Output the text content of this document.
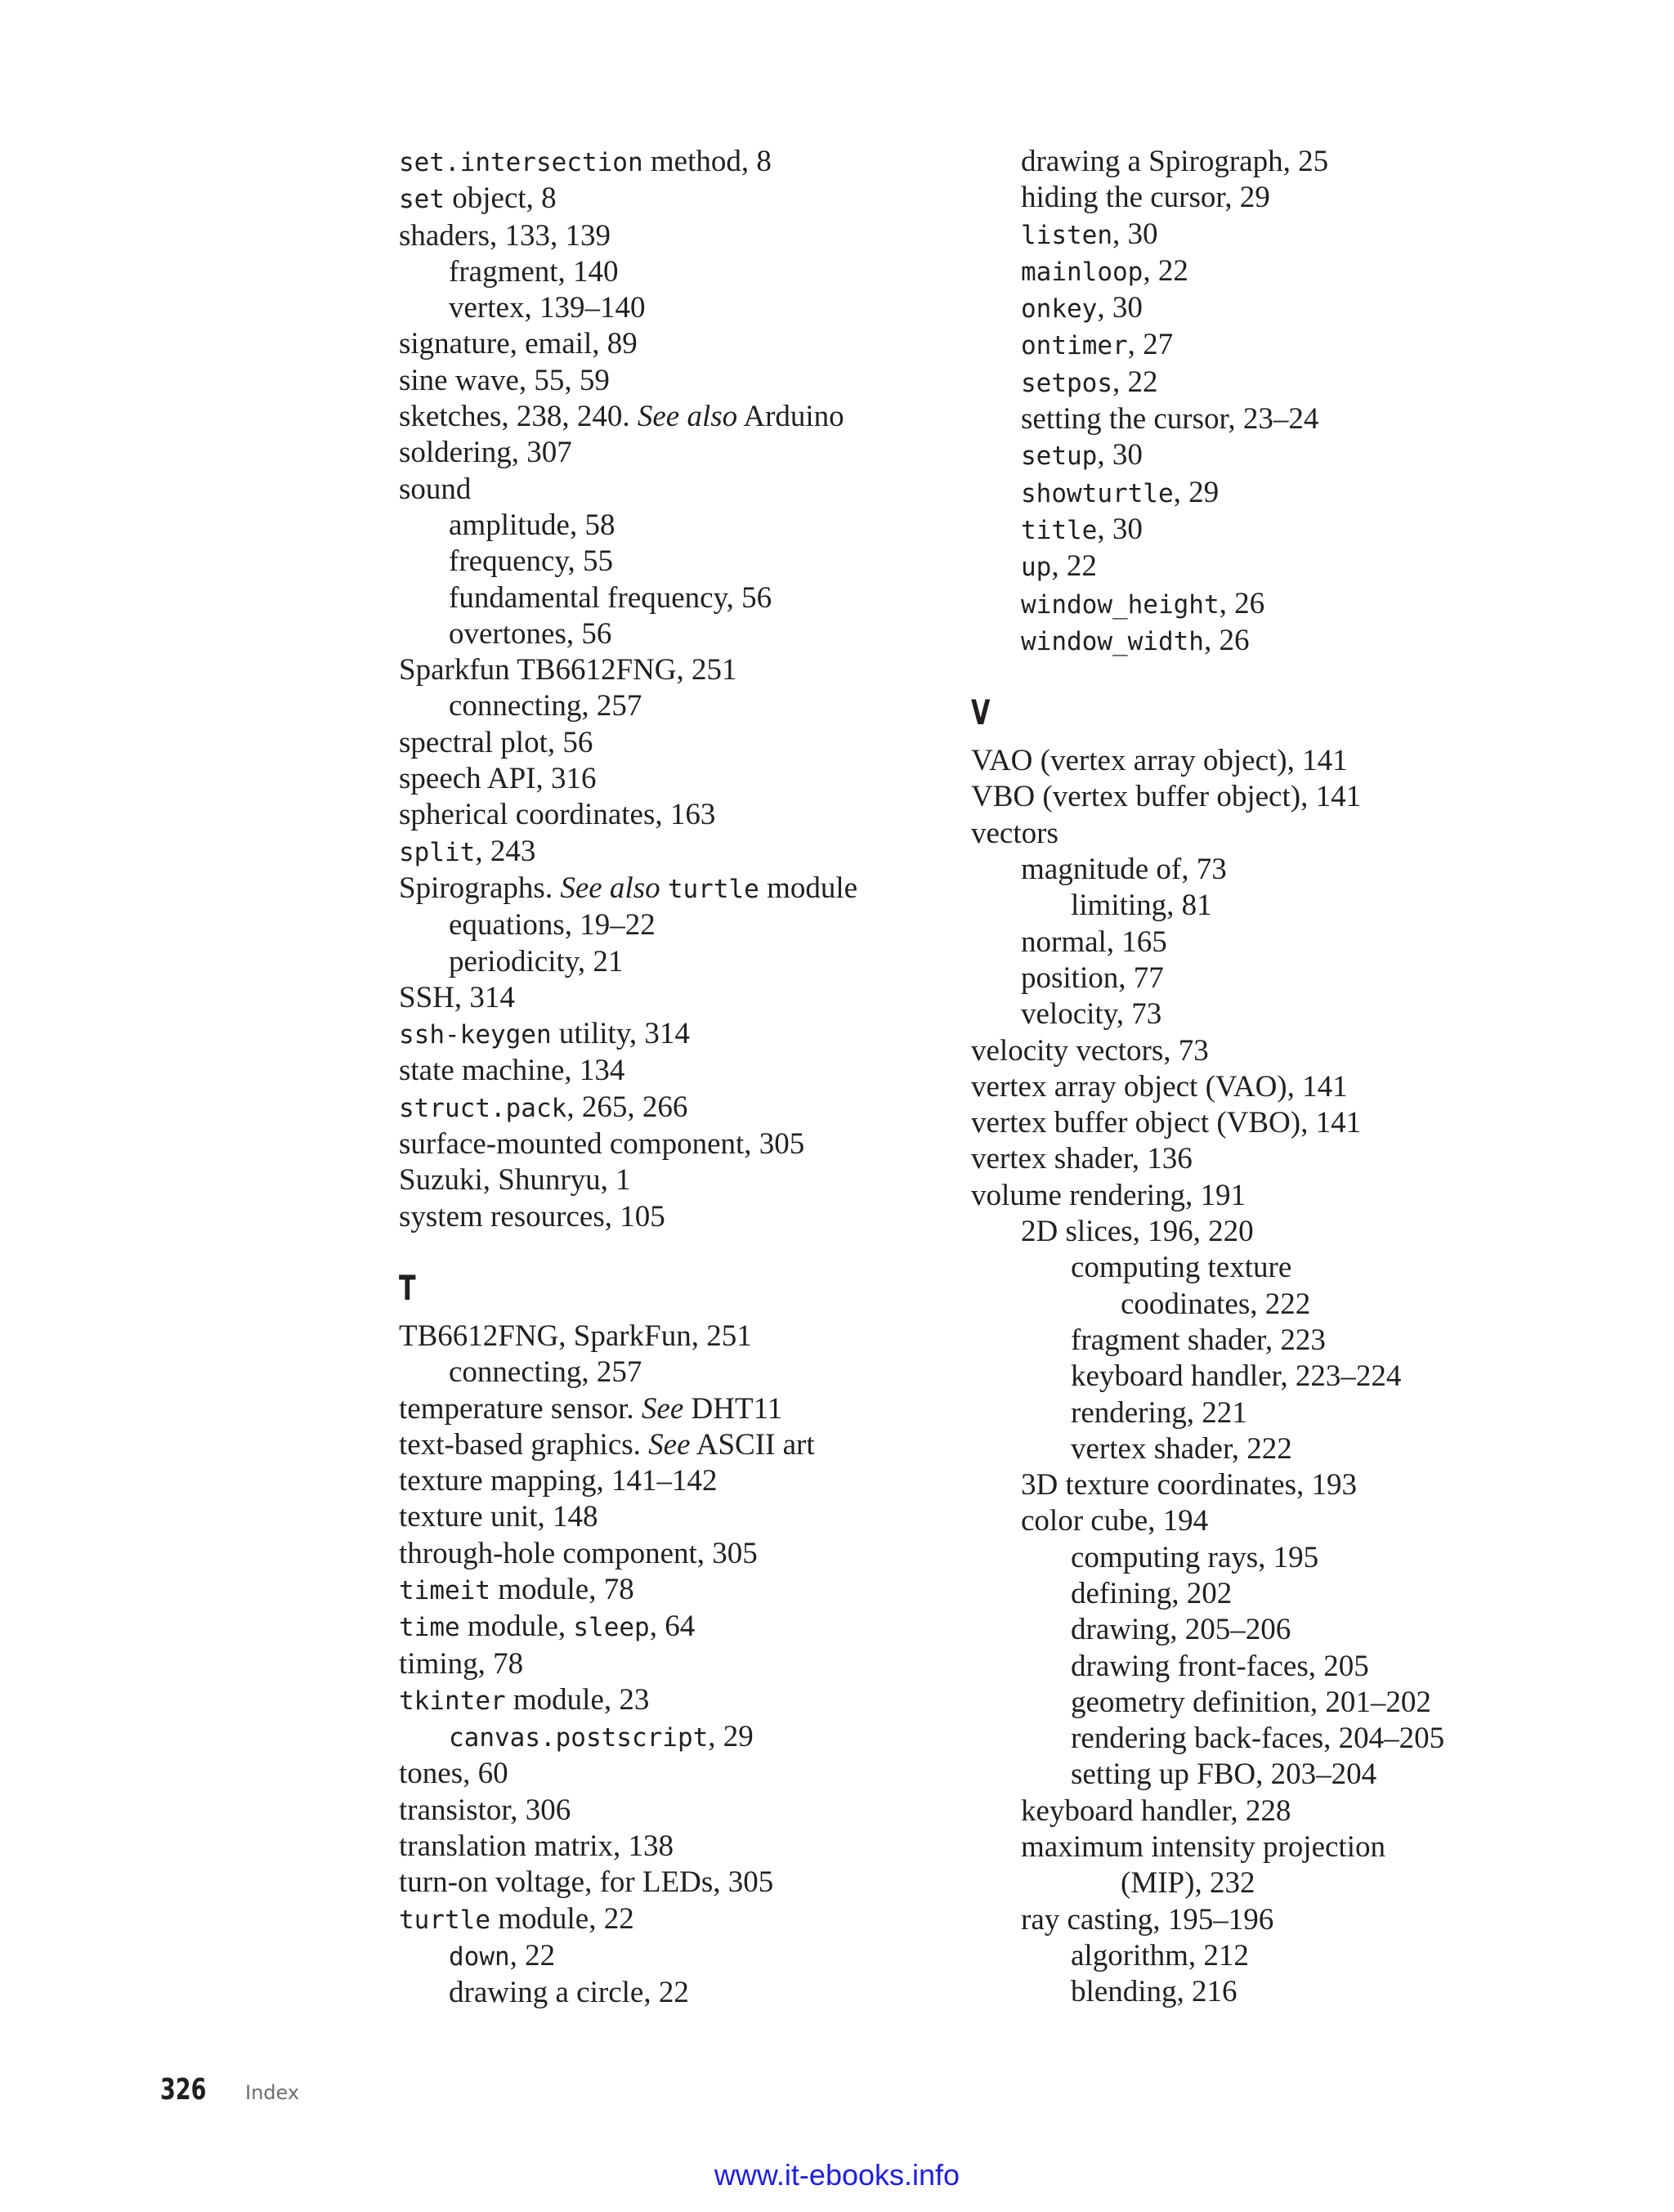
set.intersection method, 8
set object, 8
shaders, 133, 139
fragment, 140
vertex, 139–140
signature, email, 89
sine wave, 55, 59
sketches, 238, 240. See also Arduino
soldering, 307
sound
amplitude, 58
frequency, 55
fundamental frequency, 56
overtones, 56
Sparkfun TB6612FNG, 251
connecting, 257
spectral plot, 56
speech API, 316
spherical coordinates, 163
split, 243
Spirographs. See also turtle module
equations, 19–22
periodicity, 21
SSH, 314
ssh-keygen utility, 314
state machine, 134
struct.pack, 265, 266
surface-mounted component, 305
Suzuki, Shunryu, 1
system resources, 105
T
TB6612FNG, SparkFun, 251
connecting, 257
temperature sensor. See DHT11
text-based graphics. See ASCII art
texture mapping, 141–142
texture unit, 148
through-hole component, 305
timeit module, 78
time module, sleep, 64
timing, 78
tkinter module, 23
canvas.postscript, 29
tones, 60
transistor, 306
translation matrix, 138
turn-on voltage, for LEDs, 305
turtle module, 22
down, 22
drawing a circle, 22
drawing a Spirograph, 25
hiding the cursor, 29
listen, 30
mainloop, 22
onkey, 30
ontimer, 27
setpos, 22
setting the cursor, 23–24
setup, 30
showturtle, 29
title, 30
up, 22
window_height, 26
window_width, 26
V
VAO (vertex array object), 141
VBO (vertex buffer object), 141
vectors
magnitude of, 73
limiting, 81
normal, 165
position, 77
velocity, 73
velocity vectors, 73
vertex array object (VAO), 141
vertex buffer object (VBO), 141
vertex shader, 136
volume rendering, 191
2D slices, 196, 220
computing texture
coodinates, 222
fragment shader, 223
keyboard handler, 223–224
rendering, 221
vertex shader, 222
3D texture coordinates, 193
color cube, 194
computing rays, 195
defining, 202
drawing, 205–206
drawing front-faces, 205
geometry definition, 201–202
rendering back-faces, 204–205
setting up FBO, 203–204
keyboard handler, 228
maximum intensity projection
(MIP), 232
ray casting, 195–196
algorithm, 212
blending, 216
326 Index
www.it-ebooks.info
